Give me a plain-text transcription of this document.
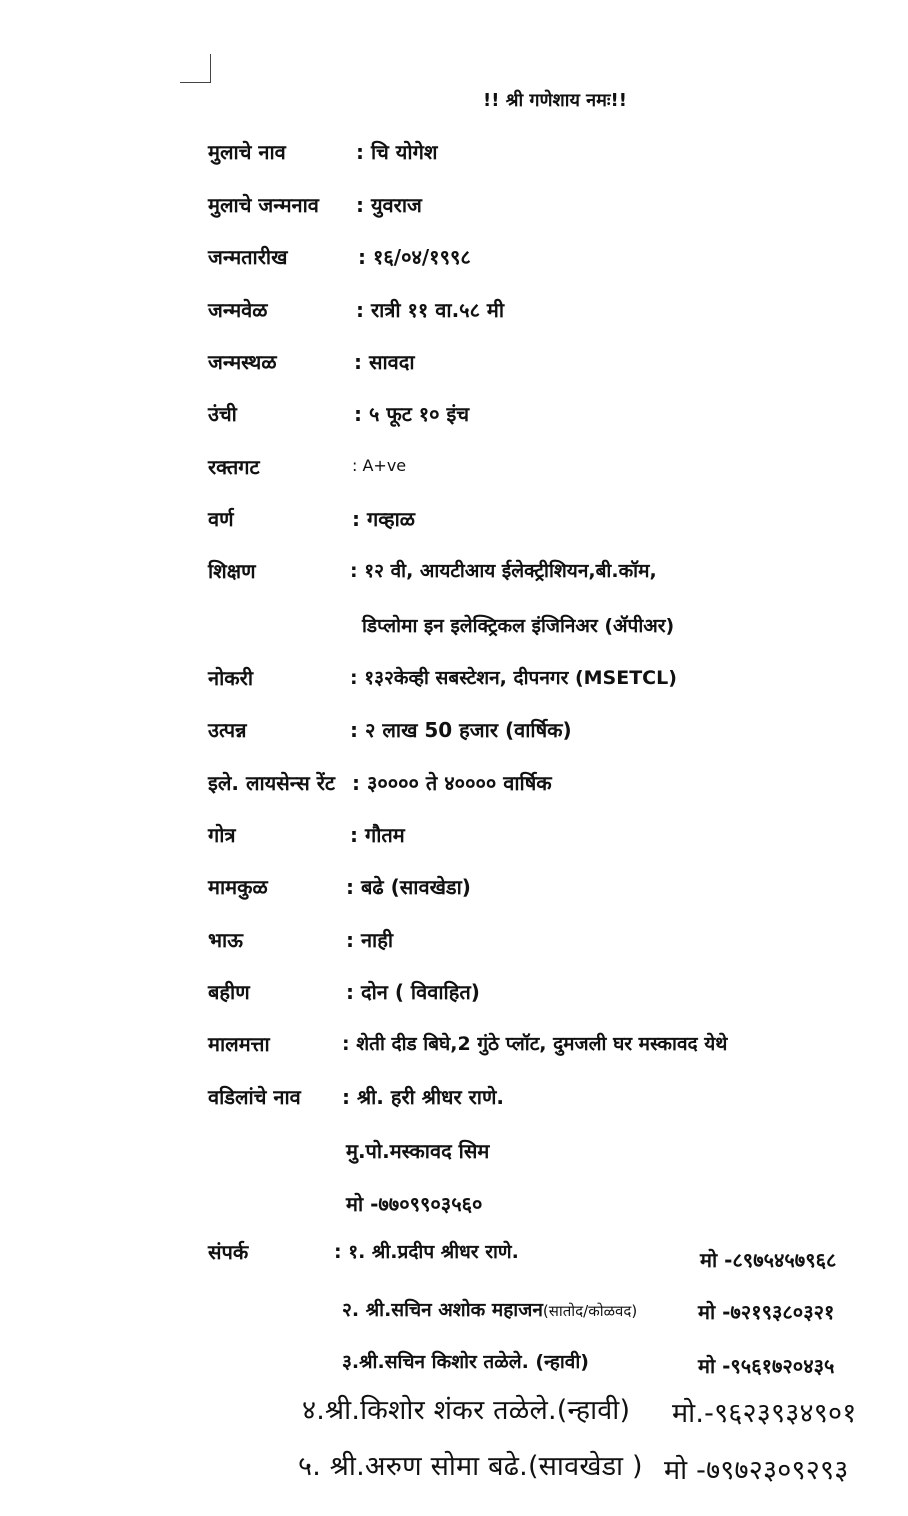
!! श्री गणेशाय नमः!!
मुलाचे नाव	: चि योगेश
मुलाचे जन्मनाव : युवराज
जन्मतारीख	: १६/०४/१९९८
जन्मवेळ	: रात्री ११ वा.५८ मी
जन्मस्थळ	: सावदा
उंची	: ५ फूट १० इंच
रक्तगट	: A+ve
वर्ण	: गव्हाळ
शिक्षण	: १२ वी, आयटीआय ईलेक्ट्रीशियन,बी.कॉम,
डिप्लोमा इन इलेक्ट्रिकल इंजिनिअर (ॲपीअर)
नोकरी	: १३२केव्ही सबस्टेशन, दीपनगर (MSETCL)
उत्पन्न	: २ लाख 50 हजार (वार्षिक)
इले. लायसेन्स रेंट : ३०००० ते ४०००० वार्षिक
गोत्र	: गौतम
मामकुळ	: बढे (सावखेडा)
भाऊ	: नाही
बहीण	: दोन ( विवाहित)
मालमत्ता	: शेती दीड बिघे,2 गुंठे प्लॉट, दुमजली घर मस्कावद येथे
वडिलांचे नाव : श्री. हरी श्रीधर राणे.
मु.पो.मस्कावद सिम
मो -७७०९९०३५६०
संपर्क	: १. श्री.प्रदीप श्रीधर राणे.	मो -८९७५४५७९६८
२. श्री.सचिन अशोक महाजन(सातोद/कोळवद)	मो -७२१९३८०३२१
३.श्री.सचिन किशोर तळेले. (न्हावी)	मो -९५६१७२०४३५
४.श्री.किशोर शंकर तळेले.(न्हावी) मो.-९६२३९३४९०१
५. श्री.अरुण सोमा बढे.(सावखेडा ) मो -७९७२३०९२९३
